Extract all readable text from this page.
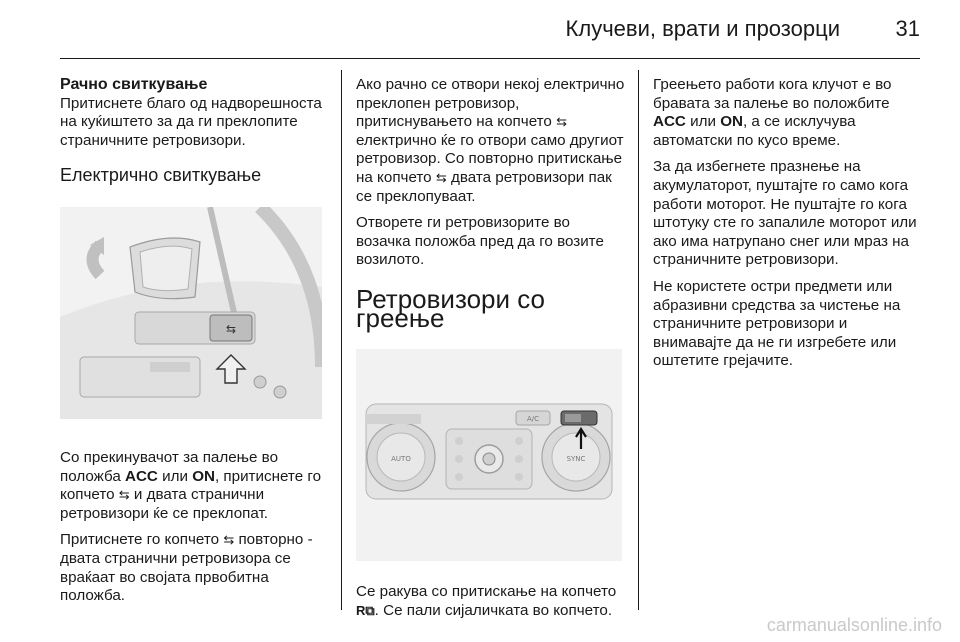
Клучеви, врати и прозорци	31
Рачно свиткување

Притиснете благо од надворешноста на куќиштето за да ги преклопите страничните ретровизори.

Електрично свиткување
⇆

Со прекинувачот за палење во положба ACC или ON, притиснете го копчето ⇆ и двата странични ретровизори ќе се преклопат.

Притиснете го копчето ⇆ повторно - двата странични ретровизора се враќаат во својата првобитна положба.

Ако рачно се отвори некој електрично преклопен ретровизор, притиснувањето на копчето ⇆ електрично ќе го отвори само другиот ретровизор. Со повторно притискање на копчето ⇆ двата ретровизори пак се преклопуваат.

Отворете ги ретровизорите во возачка положба пред да го возите возилото.

Ретровизори со греење
AUTO	SYNC
A/C

Се ракува со притискање на копчето R⧉. Се пали сијаличката во копчето.

Греењето работи кога клучот е во бравата за палење во положбите ACC или ON, а се исклучува автоматски по кусо време.

За да избегнете празнење на акумулаторот, пуштајте го само кога работи моторот. Не пуштајте го кога штотуку сте го запалиле моторот или ако има натрупано снег или мраз на страничните ретровизори.

Не користете остри предмети или абразивни средства за чистење на страничните ретровизори и внимавајте да не ги изгребете или оштетите грејачите.

carmanualsonline.info
